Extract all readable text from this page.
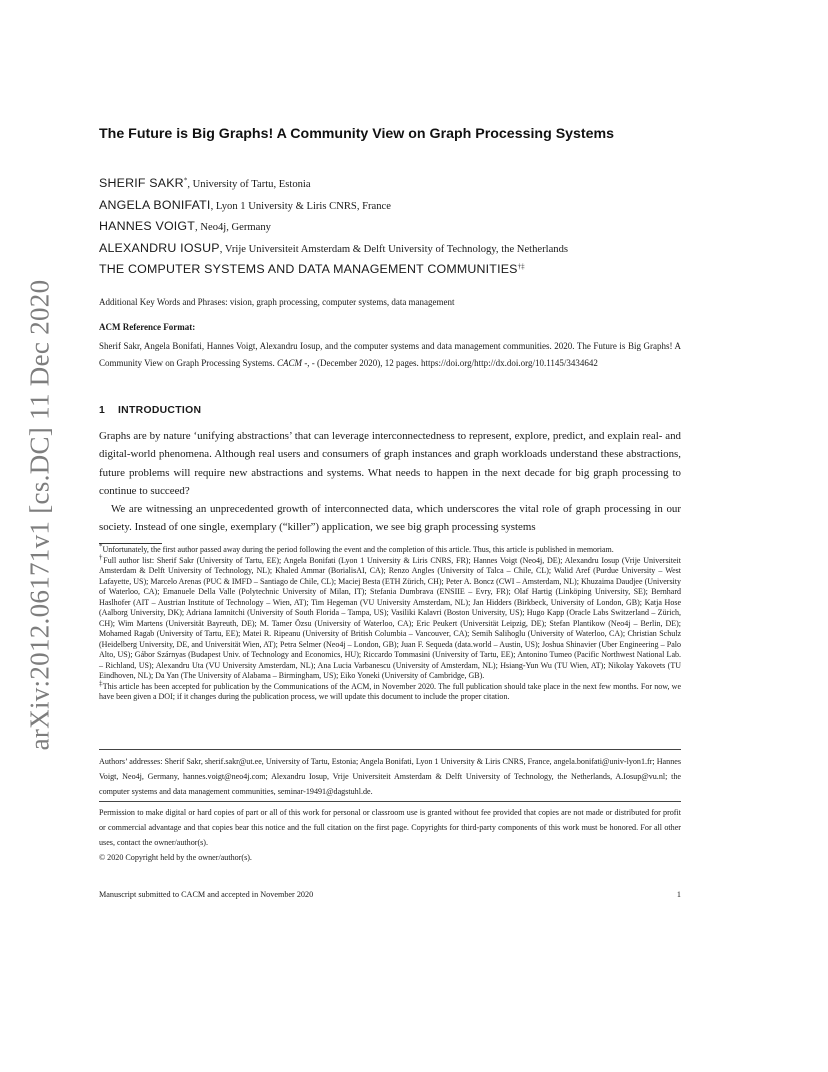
arXiv:2012.06171v1 [cs.DC] 11 Dec 2020
The Future is Big Graphs! A Community View on Graph Processing Systems
SHERIF SAKR*, University of Tartu, Estonia
ANGELA BONIFATI, Lyon 1 University & Liris CNRS, France
HANNES VOIGT, Neo4j, Germany
ALEXANDRU IOSUP, Vrije Universiteit Amsterdam & Delft University of Technology, the Netherlands
THE COMPUTER SYSTEMS AND DATA MANAGEMENT COMMUNITIES†‡
Additional Key Words and Phrases: vision, graph processing, computer systems, data management
ACM Reference Format:
Sherif Sakr, Angela Bonifati, Hannes Voigt, Alexandru Iosup, and the computer systems and data management communities. 2020. The Future is Big Graphs! A Community View on Graph Processing Systems. CACM -, - (December 2020), 12 pages. https://doi.org/http://dx.doi.org/10.1145/3434642
1 INTRODUCTION

Graphs are by nature ‘unifying abstractions’ that can leverage interconnectedness to represent, explore, predict, and explain real- and digital-world phenomena. Although real users and consumers of graph instances and graph workloads understand these abstractions, future problems will require new abstractions and systems. What needs to happen in the next decade for big graph processing to continue to succeed?

We are witnessing an unprecedented growth of interconnected data, which underscores the vital role of graph processing in our society. Instead of one single, exemplary (“killer”) application, we see big graph processing systems

*Unfortunately, the first author passed away during the period following the event and the completion of this article. Thus, this article is published in memoriam.

†Full author list: Sherif Sakr (University of Tartu, EE); Angela Bonifati (Lyon 1 University & Liris CNRS, FR); Hannes Voigt (Neo4j, DE); Alexandru Iosup (Vrije Universiteit Amsterdam & Delft University of Technology, NL); Khaled Ammar (BorialisAI, CA); Renzo Angles (University of Talca – Chile, CL); Walid Aref (Purdue University – West Lafayette, US); Marcelo Arenas (PUC & IMFD – Santiago de Chile, CL); Maciej Besta (ETH Zürich, CH); Peter A. Boncz (CWI – Amsterdam, NL); Khuzaima Daudjee (University of Waterloo, CA); Emanuele Della Valle (Polytechnic University of Milan, IT); Stefania Dumbrava (ENSIIE – Evry, FR); Olaf Hartig (Linköping University, SE); Bernhard Haslhofer (AIT – Austrian Institute of Technology – Wien, AT); Tim Hegeman (VU University Amsterdam, NL); Jan Hidders (Birkbeck, University of London, GB); Katja Hose (Aalborg University, DK); Adriana Iamnitchi (University of South Florida – Tampa, US); Vasiliki Kalavri (Boston University, US); Hugo Kapp (Oracle Labs Switzerland – Zürich, CH); Wim Martens (Universität Bayreuth, DE); M. Tamer Özsu (University of Waterloo, CA); Eric Peukert (Universität Leipzig, DE); Stefan Plantikow (Neo4j – Berlin, DE); Mohamed Ragab (University of Tartu, EE); Matei R. Ripeanu (University of British Columbia – Vancouver, CA); Semih Salihoglu (University of Waterloo, CA); Christian Schulz (Heidelberg University, DE, and Universität Wien, AT); Petra Selmer (Neo4j – London, GB); Juan F. Sequeda (data.world – Austin, US); Joshua Shinavier (Uber Engineering – Palo Alto, US); Gábor Szárnyas (Budapest Univ. of Technology and Economics, HU); Riccardo Tommasini (University of Tartu, EE); Antonino Tumeo (Pacific Northwest National Lab. – Richland, US); Alexandru Uta (VU University Amsterdam, NL); Ana Lucia Varbanescu (University of Amsterdam, NL); Hsiang-Yun Wu (TU Wien, AT); Nikolay Yakovets (TU Eindhoven, NL); Da Yan (The University of Alabama – Birmingham, US); Eiko Yoneki (University of Cambridge, GB).

‡This article has been accepted for publication by the Communications of the ACM, in November 2020. The full publication should take place in the next few months. For now, we have been given a DOI; if it changes during the publication process, we will update this document to include the proper citation.

Authors’ addresses: Sherif Sakr, sherif.sakr@ut.ee, University of Tartu, Estonia; Angela Bonifati, Lyon 1 University & Liris CNRS, France, angela.bonifati@univ-lyon1.fr; Hannes Voigt, Neo4j, Germany, hannes.voigt@neo4j.com; Alexandru Iosup, Vrije Universiteit Amsterdam & Delft University of Technology, the Netherlands, A.Iosup@vu.nl; the computer systems and data management communities, seminar-19491@dagstuhl.de.

Permission to make digital or hard copies of part or all of this work for personal or classroom use is granted without fee provided that copies are not made or distributed for profit or commercial advantage and that copies bear this notice and the full citation on the first page. Copyrights for third-party components of this work must be honored. For all other uses, contact the owner/author(s).

© 2020 Copyright held by the owner/author(s).

Manuscript submitted to CACM and accepted in November 2020	1
